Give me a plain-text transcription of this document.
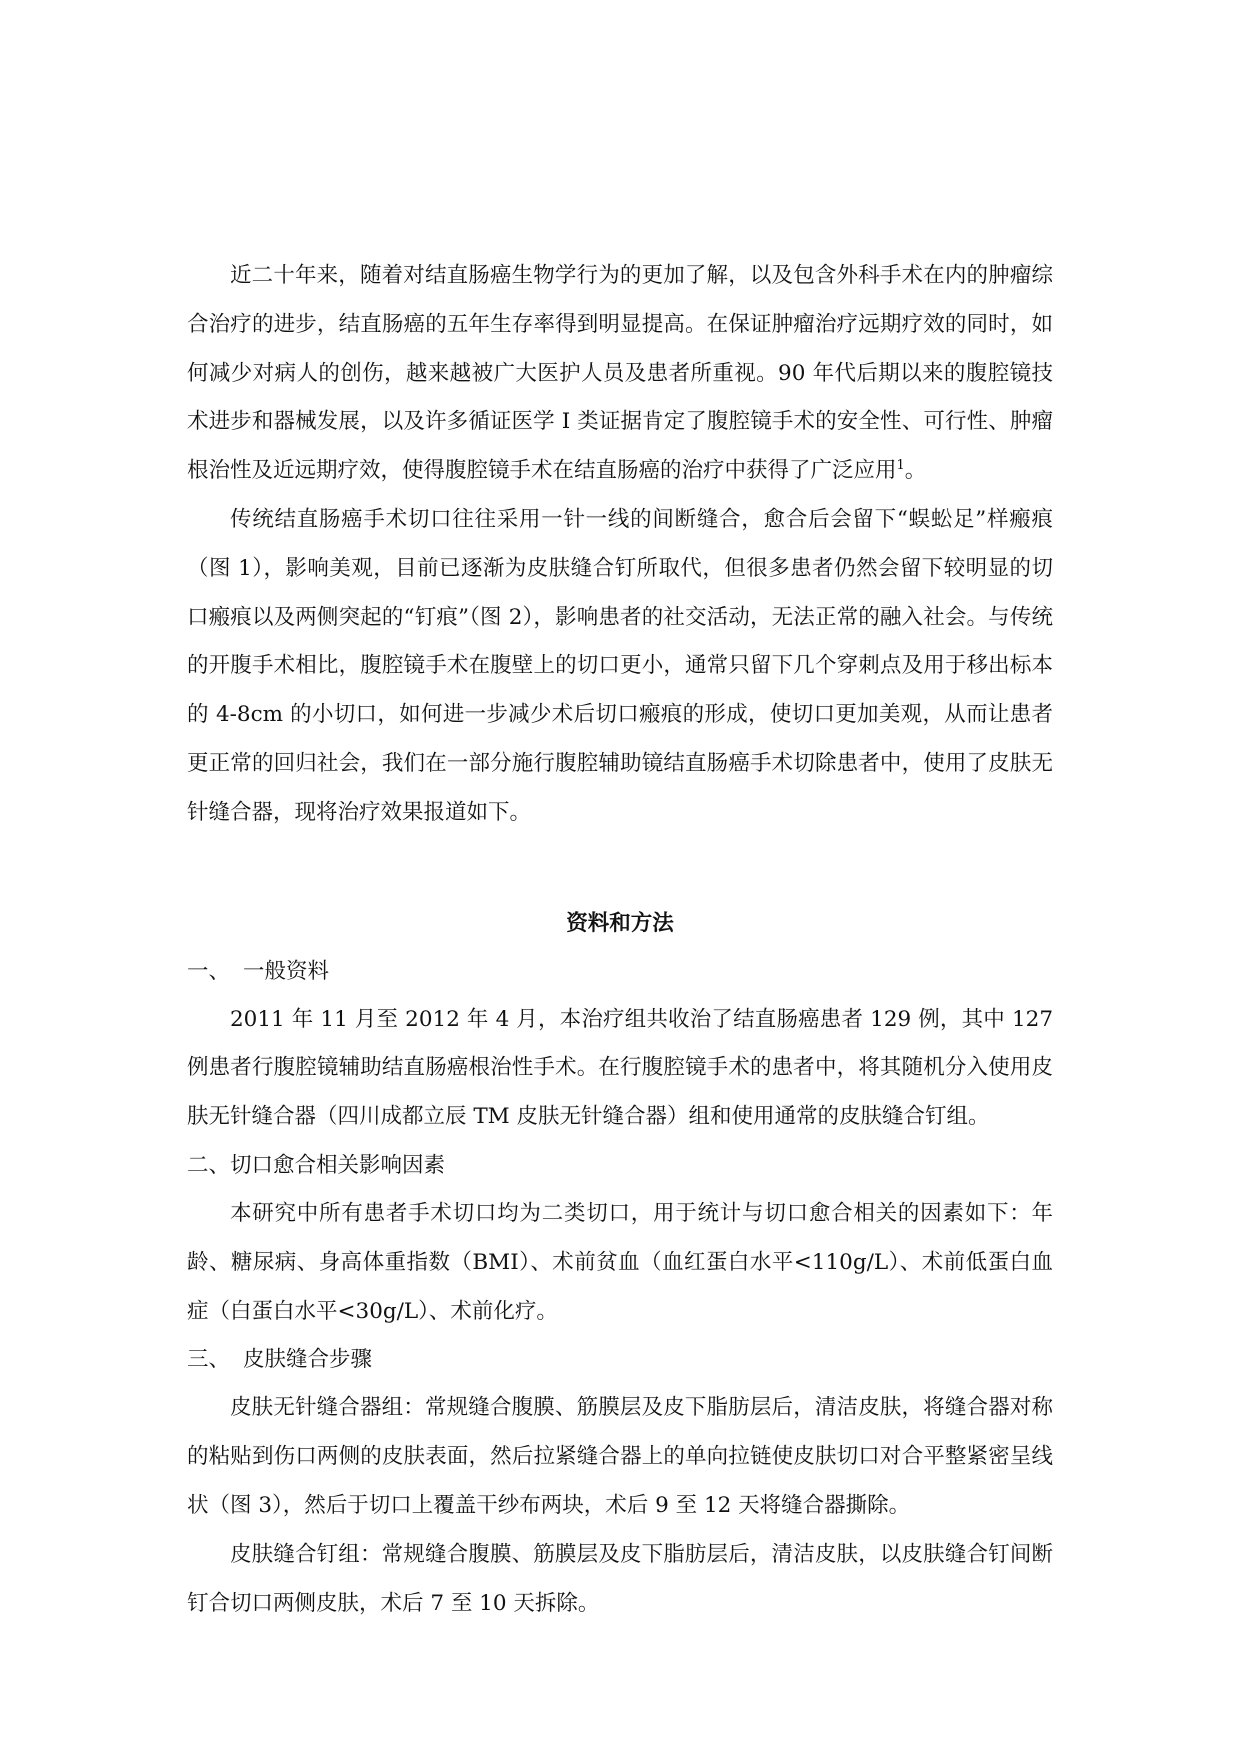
近二十年来，随着对结直肠癌生物学行为的更加了解，以及包含外科手术在内的肿瘤综合治疗的进步，结直肠癌的五年生存率得到明显提高。在保证肿瘤治疗远期疗效的同时，如何减少对病人的创伤，越来越被广大医护人员及患者所重视。90 年代后期以来的腹腔镜技术进步和器械发展，以及许多循证医学 I 类证据肯定了腹腔镜手术的安全性、可行性、肿瘤根治性及近远期疗效，使得腹腔镜手术在结直肠癌的治疗中获得了广泛应用$^1$。

传统结直肠癌手术切口往往采用一针一线的间断缝合，愈合后会留下“蜈蚣足”样瘢痕（图 1），影响美观，目前已逐渐为皮肤缝合钉所取代，但很多患者仍然会留下较明显的切口瘢痕以及两侧突起的“钉痕”（图 2），影响患者的社交活动，无法正常的融入社会。与传统的开腹手术相比，腹腔镜手术在腹壁上的切口更小，通常只留下几个穿刺点及用于移出标本的 4-8cm 的小切口，如何进一步减少术后切口瘢痕的形成，使切口更加美观，从而让患者更正常的回归社会，我们在一部分施行腹腔辅助镜结直肠癌手术切除患者中，使用了皮肤无针缝合器，现将治疗效果报道如下。

资料和方法

一、 一般资料

2011 年 11 月至 2012 年 4 月，本治疗组共收治了结直肠癌患者 129 例，其中 127 例患者行腹腔镜辅助结直肠癌根治性手术。在行腹腔镜手术的患者中，将其随机分入使用皮肤无针缝合器（四川成都立辰 TM 皮肤无针缝合器）组和使用通常的皮肤缝合钉组。

二、切口愈合相关影响因素

本研究中所有患者手术切口均为二类切口，用于统计与切口愈合相关的因素如下：年龄、糖尿病、身高体重指数（BMI）、术前贫血（血红蛋白水平<110g/L）、术前低蛋白血症（白蛋白水平<30g/L）、术前化疗。

三、 皮肤缝合步骤

皮肤无针缝合器组：常规缝合腹膜、筋膜层及皮下脂肪层后，清洁皮肤，将缝合器对称的粘贴到伤口两侧的皮肤表面，然后拉紧缝合器上的单向拉链使皮肤切口对合平整紧密呈线状（图 3），然后于切口上覆盖干纱布两块，术后 9 至 12 天将缝合器撕除。

皮肤缝合钉组：常规缝合腹膜、筋膜层及皮下脂肪层后，清洁皮肤，以皮肤缝合钉间断钉合切口两侧皮肤，术后 7 至 10 天拆除。
